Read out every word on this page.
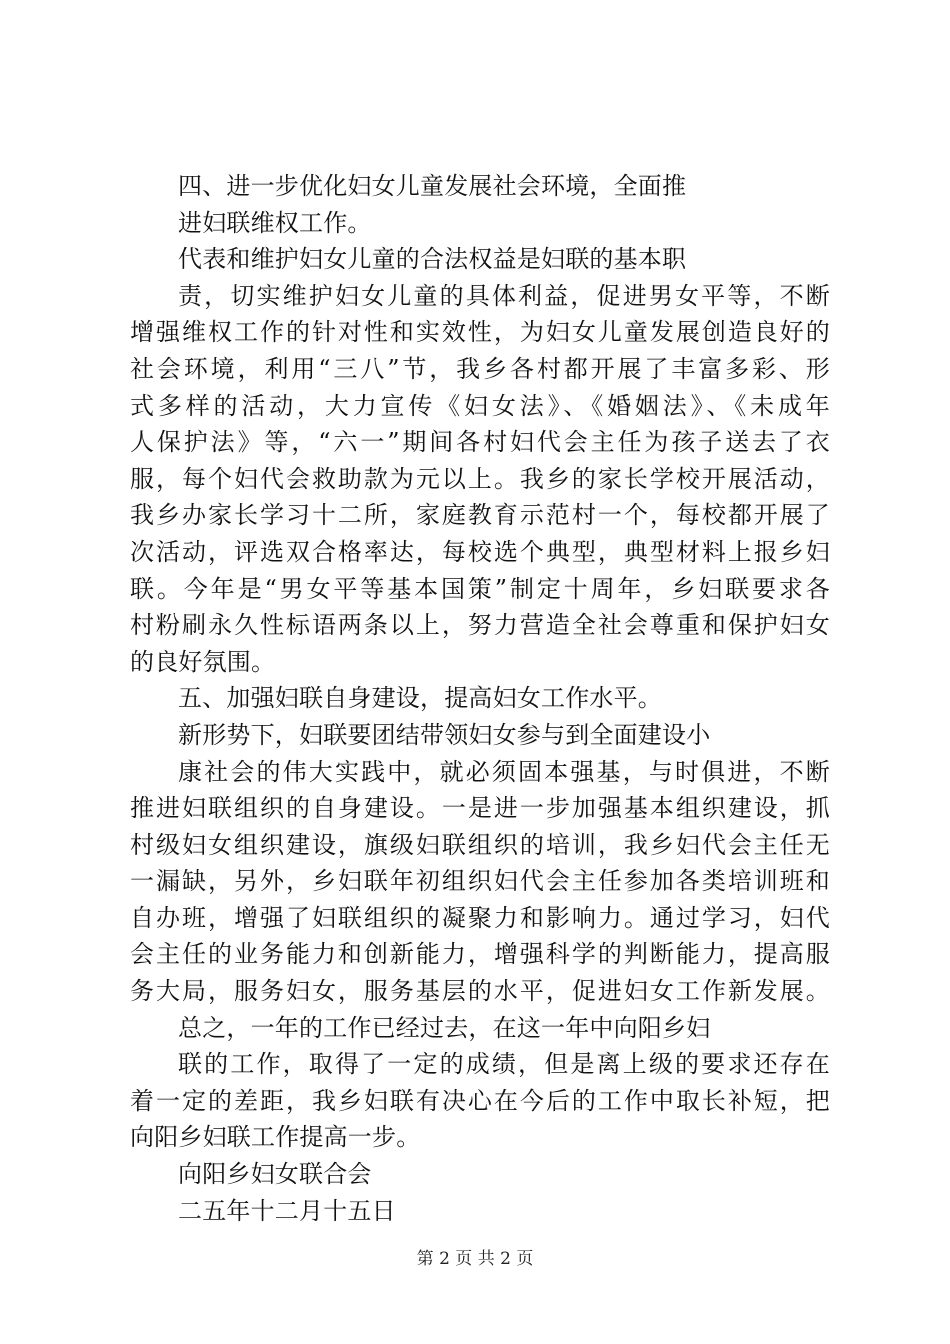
四、进一步优化妇女儿童发展社会环境，全面推
进妇联维权工作。
代表和维护妇女儿童的合法权益是妇联的基本职
责，切实维护妇女儿童的具体利益，促进男女平等，不断
增强维权工作的针对性和实效性，为妇女儿童发展创造良好的
社会环境，利用“三八”节，我乡各村都开展了丰富多彩、形
式多样的活动，大力宣传《妇女法》、《婚姻法》、《未成年
人保护法》等，“六一”期间各村妇代会主任为孩子送去了衣
服，每个妇代会救助款为元以上。我乡的家长学校开展活动，
我乡办家长学习十二所，家庭教育示范村一个，每校都开展了
次活动，评选双合格率达，每校选个典型，典型材料上报乡妇
联。今年是“男女平等基本国策”制定十周年，乡妇联要求各
村粉刷永久性标语两条以上，努力营造全社会尊重和保护妇女
的良好氛围。
五、加强妇联自身建设，提高妇女工作水平。
新形势下，妇联要团结带领妇女参与到全面建设小
康社会的伟大实践中，就必须固本强基，与时俱进，不断
推进妇联组织的自身建设。一是进一步加强基本组织建设，抓
村级妇女组织建设，旗级妇联组织的培训，我乡妇代会主任无
一漏缺，另外，乡妇联年初组织妇代会主任参加各类培训班和
自办班，增强了妇联组织的凝聚力和影响力。通过学习，妇代
会主任的业务能力和创新能力，增强科学的判断能力，提高服
务大局，服务妇女，服务基层的水平，促进妇女工作新发展。
总之，一年的工作已经过去，在这一年中向阳乡妇
联的工作，取得了一定的成绩，但是离上级的要求还存在
着一定的差距，我乡妇联有决心在今后的工作中取长补短，把
向阳乡妇联工作提高一步。
向阳乡妇女联合会
二五年十二月十五日
第 2 页 共 2 页
